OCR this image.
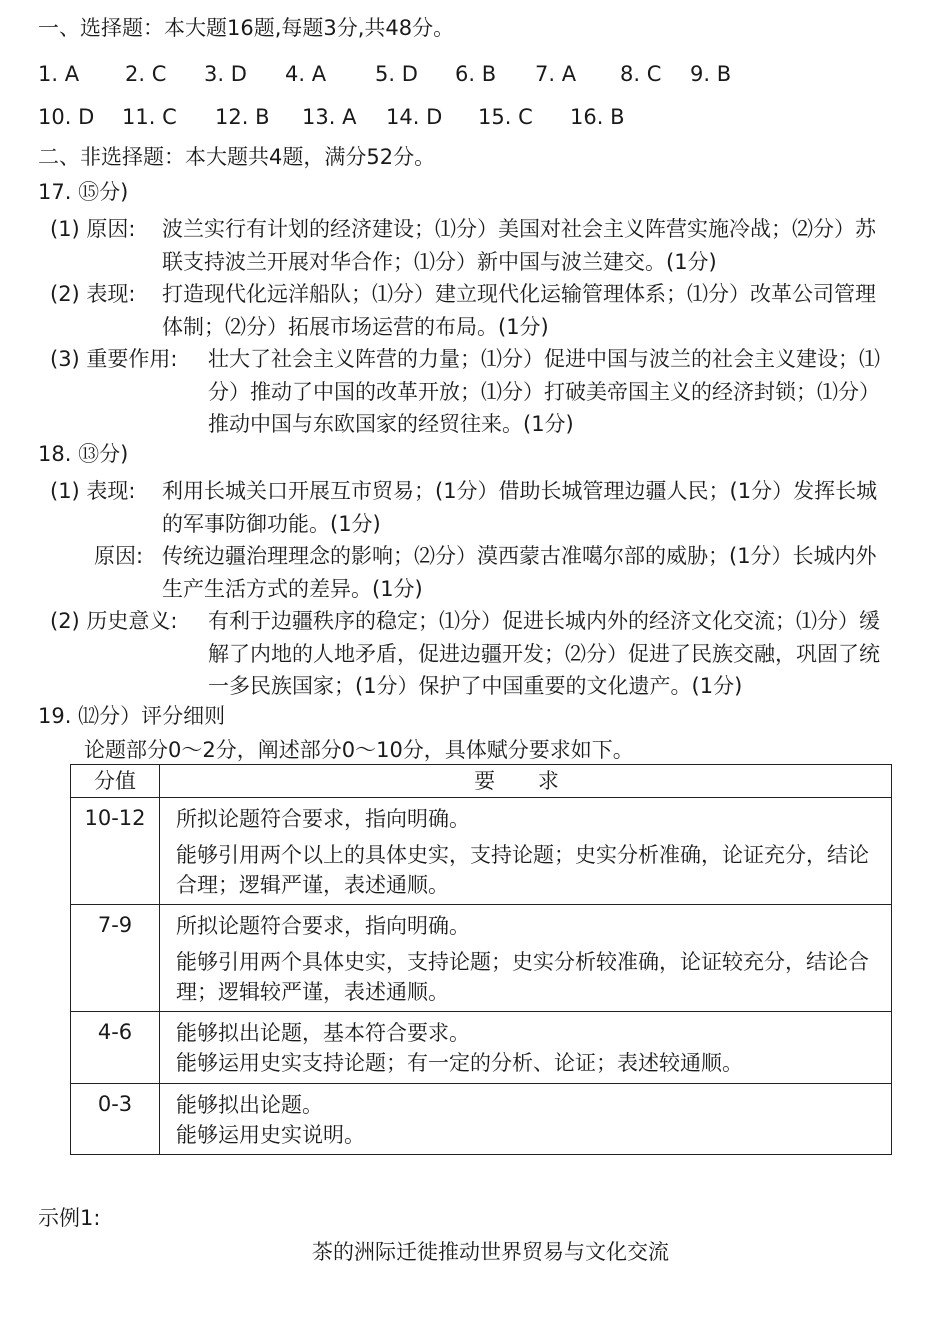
一、选择题：本大题16题,每题3分,共48分。
1. A 2. C 3. D 4. A 5. D 6. B 7. A 8. C 9. B
10. D 11. C 12. B 13. A 14. D 15. C 16. B
二、非选择题：本大题共4题，满分52分。
17. ⑮分)
(1) 原因:	波兰实行有计划的经济建设；⑴分）美国对社会主义阵营实施冷战；⑵分）苏联支持波兰开展对华合作；⑴分）新中国与波兰建交。(1分)
(2) 表现:	打造现代化远洋船队；⑴分）建立现代化运输管理体系；⑴分）改革公司管理体制；⑵分）拓展市场运营的布局。(1分)
(3) 重要作用:	壮大了社会主义阵营的力量；⑴分）促进中国与波兰的社会主义建设；⑴分）推动了中国的改革开放；⑴分）打破美帝国主义的经济封锁；⑴分）推动中国与东欧国家的经贸往来。(1分)
18. ⑬分)
(1) 表现:	利用长城关口开展互市贸易；(1分）借助长城管理边疆人民；(1分）发挥长城的军事防御功能。(1分)
原因: 传统边疆治理理念的影响；⑵分）漠西蒙古准噶尔部的威胁；(1分）长城内外生产生活方式的差异。(1分)
(2) 历史意义:	有利于边疆秩序的稳定；⑴分）促进长城内外的经济文化交流；⑴分）缓解了内地的人地矛盾，促进边疆开发；⑵分）促进了民族交融，巩固了统一多民族国家；(1分）保护了中国重要的文化遗产。(1分)
19. ⑿分）评分细则
论题部分0～2分，阐述部分0～10分，具体赋分要求如下。
分值	要 求
10-12	所拟论题符合要求，指向明确。
能够引用两个以上的具体史实，支持论题；史实分析准确，论证充分，结论合理；逻辑严谨，表述通顺。

7-9	所拟论题符合要求，指向明确。
能够引用两个具体史实，支持论题；史实分析较准确，论证较充分，结论合理；逻辑较严谨，表述通顺。

4-6	能够拟出论题，基本符合要求。
能够运用史实支持论题；有一定的分析、论证；表述较通顺。

0-3	能够拟出论题。
能够运用史实说明。
示例1:
茶的洲际迁徙推动世界贸易与文化交流
